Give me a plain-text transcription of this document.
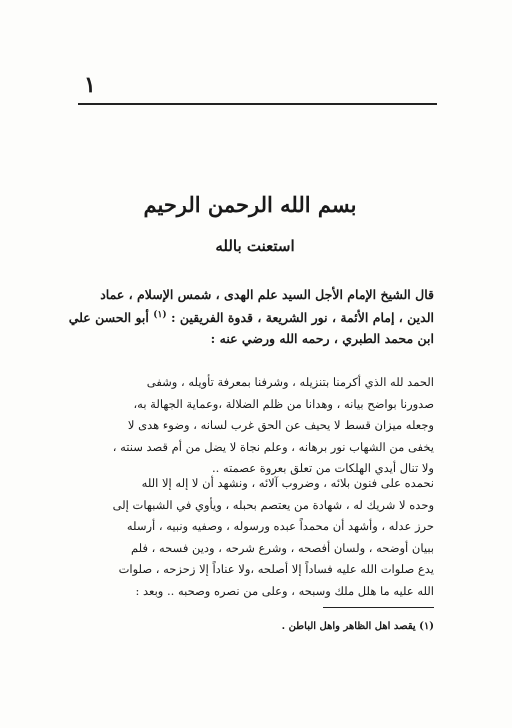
١
بسم الله الرحمن الرحيم
استعنت بالله
قال الشيخ الإمام الأجل السيد علم الهدى ، شمس الإسلام ، عماد
الدين ، إمام الأئمة ، نور الشريعة ، قدوة الفريقين : $^{(١)}$ أبو الحسن علي
ابن محمد الطبري ، رحمه الله ورضي عنه :
الحمد لله الذي أكرمنا بتنزيله ، وشرفنا بمعرفة تأويله ، وشفى
صدورنا بواضح بيانه ، وهدانا من ظلم الضلالة ،وعماية الجهالة به،
وجعله ميزان قسط لا يحيف عن الحق غرب لسانه ، وضوء هدى لا
يخفى من الشهاب نور برهانه ، وعلم نجاة لا يضل من أم قصد سنته ،
ولا تنال أيدي الهلكات من تعلق بعروة عصمته ..
نحمده على فنون بلائه ، وضروب آلائه ، ونشهد أن لا إله إلا الله
وحده لا شريك له ، شهادة من يعتصم بحبله ، ويأوي في الشبهات إلى
حرز عدله ، وأشهد أن محمداً عبده ورسوله ، وصفيه ونبيه ، أرسله
ببيان أوضحه ، ولسان أفصحه ، وشرع شرحه ، ودين فسحه ، فلم
يدع صلوات الله عليه فساداً إلا أصلحه ،ولا عناداً إلا زحزحه ، صلوات
الله عليه ما هلل ملك وسبحه ، وعلى من نصره وصحبه .. وبعد :
(١) يقصد اهل الظاهر واهل الباطن .
